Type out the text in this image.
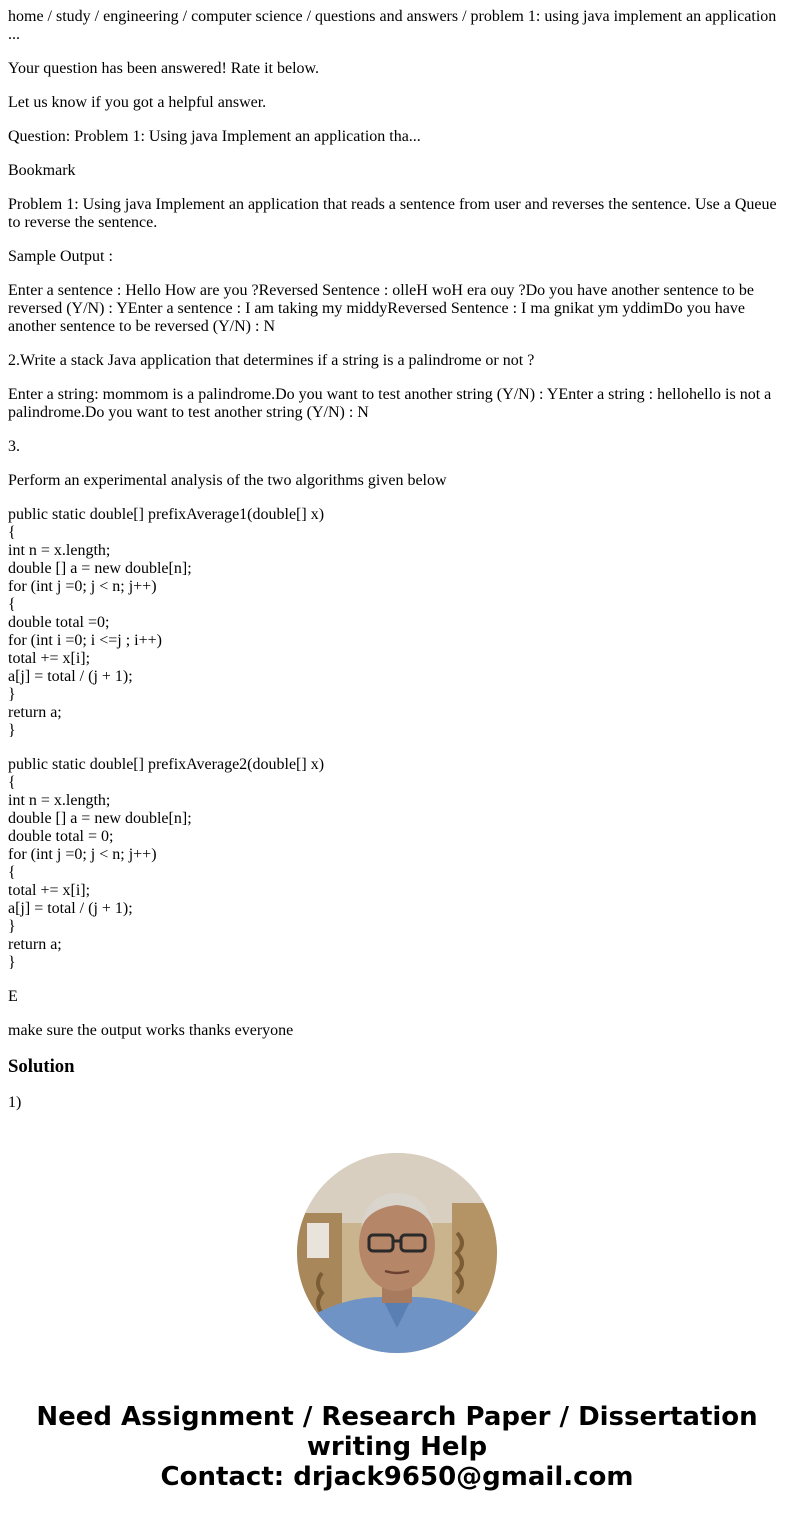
home / study / engineering / computer science / questions and answers / problem 1: using java implement an application ...

Your question has been answered! Rate it below.

Let us know if you got a helpful answer.

Question: Problem 1: Using java Implement an application tha...

Bookmark

Problem 1: Using java Implement an application that reads a sentence from user and reverses the sentence. Use a Queue to reverse the sentence.

Sample Output :

Enter a sentence : Hello How are you ?Reversed Sentence : olleH woH era ouy ?Do you have another sentence to be reversed (Y/N) : YEnter a sentence : I am taking my middyReversed Sentence : I ma gnikat ym yddimDo you have another sentence to be reversed (Y/N) : N

2.Write a stack Java application that determines if a string is a palindrome or not ?

Enter a string: mommom is a palindrome.Do you want to test another string (Y/N) : YEnter a string : hellohello is not a palindrome.Do you want to test another string (Y/N) : N

3.

Perform an experimental analysis of the two algorithms given below

public static double[] prefixAverage1(double[] x)
{
int n = x.length;
double [] a = new double[n];
for (int j =0; j < n; j++)
{
double total =0;
for (int i =0; i <=j ; i++)
total += x[i];
a[j] = total / (j + 1);
}
return a;
}
public static double[] prefixAverage2(double[] x)
{
int n = x.length;
double [] a = new double[n];
double total = 0;
for (int j =0; j < n; j++)
{
total += x[i];
a[j] = total / (j + 1);
}
return a;
}

E

make sure the output works thanks everyone

Solution

1)

Need Assignment / Research Paper / Dissertation
writing Help
Contact: drjack9650@gmail.com
